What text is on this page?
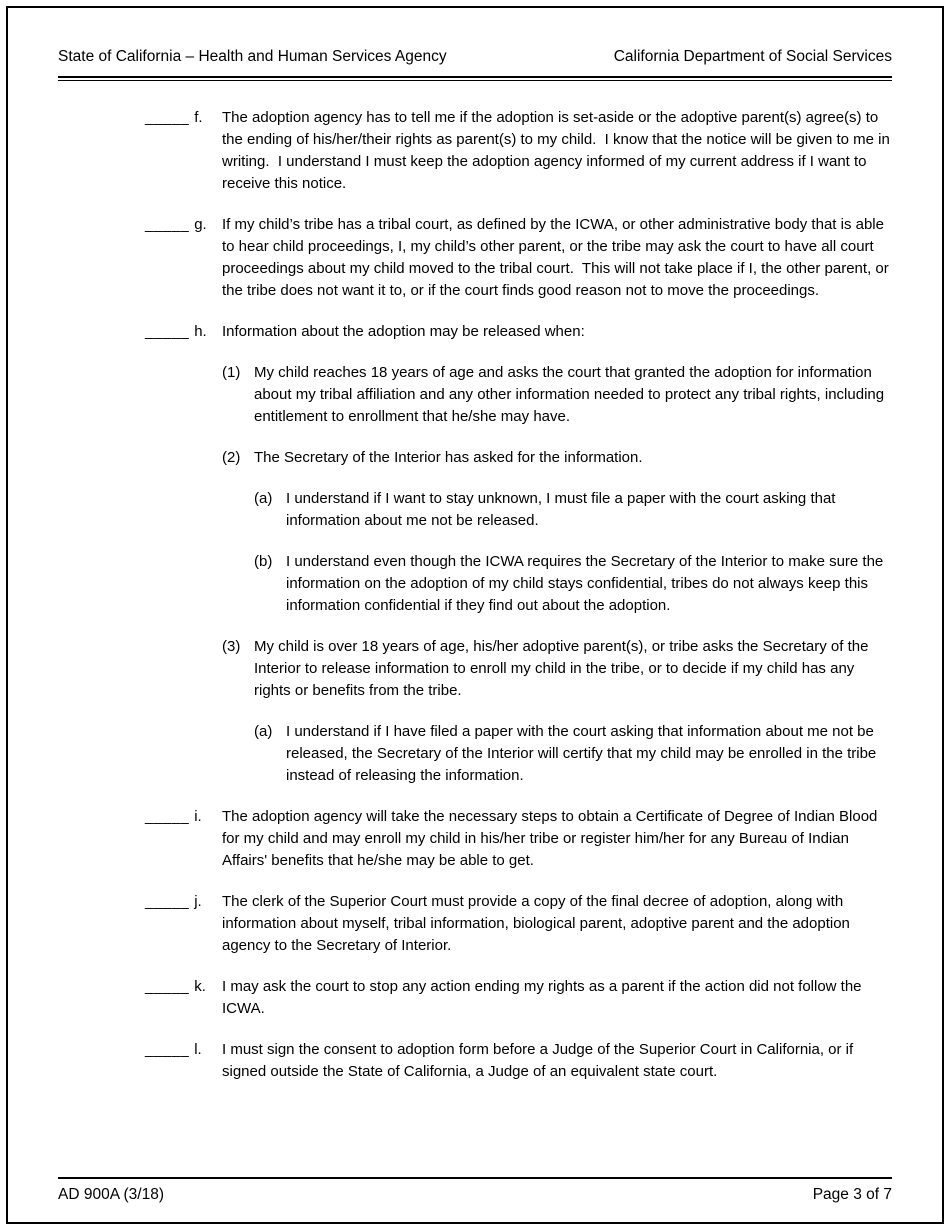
State of California – Health and Human Services Agency	California Department of Social Services
_____ f. The adoption agency has to tell me if the adoption is set-aside or the adoptive parent(s) agree(s) to the ending of his/her/their rights as parent(s) to my child.  I know that the notice will be given to me in writing.  I understand I must keep the adoption agency informed of my current address if I want to receive this notice.

_____ g. If my child’s tribe has a tribal court, as defined by the ICWA, or other administrative body that is able to hear child proceedings, I, my child’s other parent, or the tribe may ask the court to have all court proceedings about my child moved to the tribal court.  This will not take place if I, the other parent, or the tribe does not want it to, or if the court finds good reason not to move the proceedings.

_____ h. Information about the adoption may be released when:

(1) My child reaches 18 years of age and asks the court that granted the adoption for information about my tribal affiliation and any other information needed to protect any tribal rights, including entitlement to enrollment that he/she may have.

(2) The Secretary of the Interior has asked for the information.

(a) I understand if I want to stay unknown, I must file a paper with the court asking that information about me not be released.

(b) I understand even though the ICWA requires the Secretary of the Interior to make sure the information on the adoption of my child stays confidential, tribes do not always keep this information confidential if they find out about the adoption.

(3) My child is over 18 years of age, his/her adoptive parent(s), or tribe asks the Secretary of the Interior to release information to enroll my child in the tribe, or to decide if my child has any rights or benefits from the tribe.

(a) I understand if I have filed a paper with the court asking that information about me not be released, the Secretary of the Interior will certify that my child may be enrolled in the tribe instead of releasing the information.

_____ i. The adoption agency will take the necessary steps to obtain a Certificate of Degree of Indian Blood for my child and may enroll my child in his/her tribe or register him/her for any Bureau of Indian Affairs' benefits that he/she may be able to get.

_____ j. The clerk of the Superior Court must provide a copy of the final decree of adoption, along with information about myself, tribal information, biological parent, adoptive parent and the adoption agency to the Secretary of Interior.

_____ k. I may ask the court to stop any action ending my rights as a parent if the action did not follow the ICWA.

_____ l. I must sign the consent to adoption form before a Judge of the Superior Court in California, or if signed outside the State of California, a Judge of an equivalent state court.

AD 900A (3/18)	Page 3 of 7
